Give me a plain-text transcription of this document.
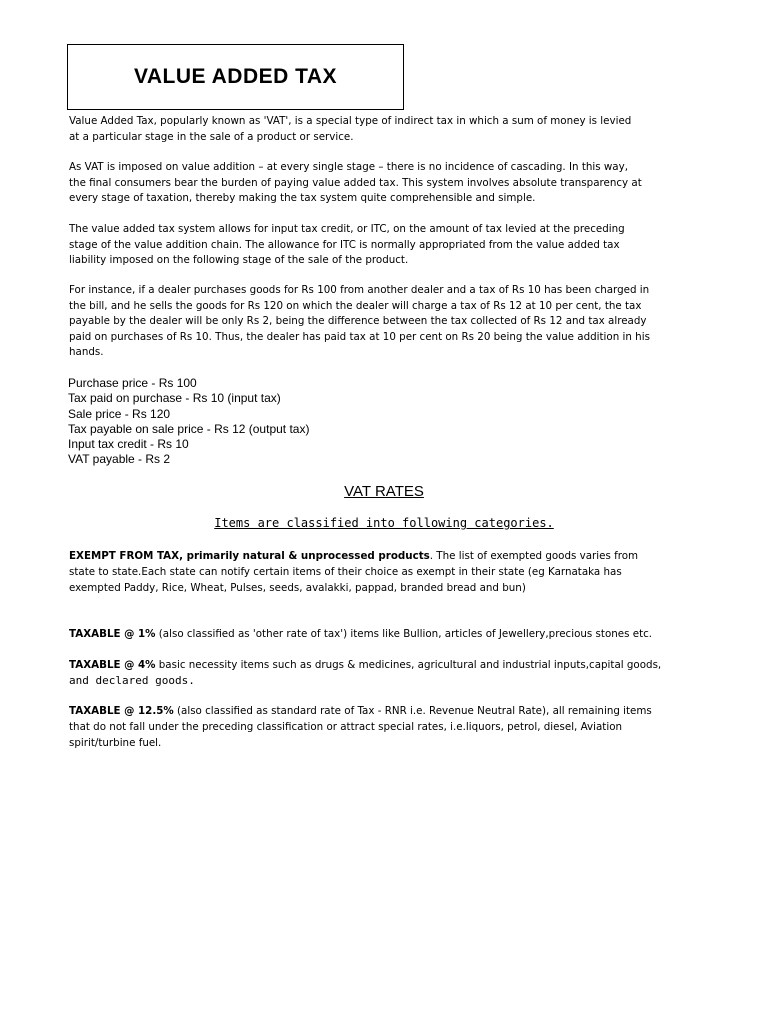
VALUE ADDED TAX

Value Added Tax, popularly known as 'VAT', is a special type of indirect tax in which a sum of money is levied
at a particular stage in the sale of a product or service.

As VAT is imposed on value addition – at every single stage – there is no incidence of cascading. In this way,
the final consumers bear the burden of paying value added tax. This system involves absolute transparency at
every stage of taxation, thereby making the tax system quite comprehensible and simple.

The value added tax system allows for input tax credit, or ITC, on the amount of tax levied at the preceding
stage of the value addition chain. The allowance for ITC is normally appropriated from the value added tax
liability imposed on the following stage of the sale of the product.

For instance, if a dealer purchases goods for Rs 100 from another dealer and a tax of Rs 10 has been charged in
the bill, and he sells the goods for Rs 120 on which the dealer will charge a tax of Rs 12 at 10 per cent, the tax
payable by the dealer will be only Rs 2, being the difference between the tax collected of Rs 12 and tax already
paid on purchases of Rs 10. Thus, the dealer has paid tax at 10 per cent on Rs 20 being the value addition in his
hands.

Purchase price - Rs 100
Tax paid on purchase - Rs 10 (input tax)
Sale price - Rs 120
Tax payable on sale price - Rs 12 (output tax)
Input tax credit - Rs 10
VAT payable - Rs 2
VAT RATES
Items are classified into following categories.
EXEMPT FROM TAX, primarily natural & unprocessed products. The list of exempted goods varies from
state to state.Each state can notify certain items of their choice as exempt in their state (eg Karnataka has
exempted Paddy, Rice, Wheat, Pulses, seeds, avalakki, pappad, branded bread and bun)
TAXABLE @ 1% (also classified as 'other rate of tax') items like Bullion, articles of Jewellery,precious stones etc.
TAXABLE @ 4% basic necessity items such as drugs & medicines, agricultural and industrial inputs,capital goods,
and declared goods.
TAXABLE @ 12.5% (also classified as standard rate of Tax - RNR i.e. Revenue Neutral Rate), all remaining items
that do not fall under the preceding classification or attract special rates, i.e.liquors, petrol, diesel, Aviation
spirit/turbine fuel.
